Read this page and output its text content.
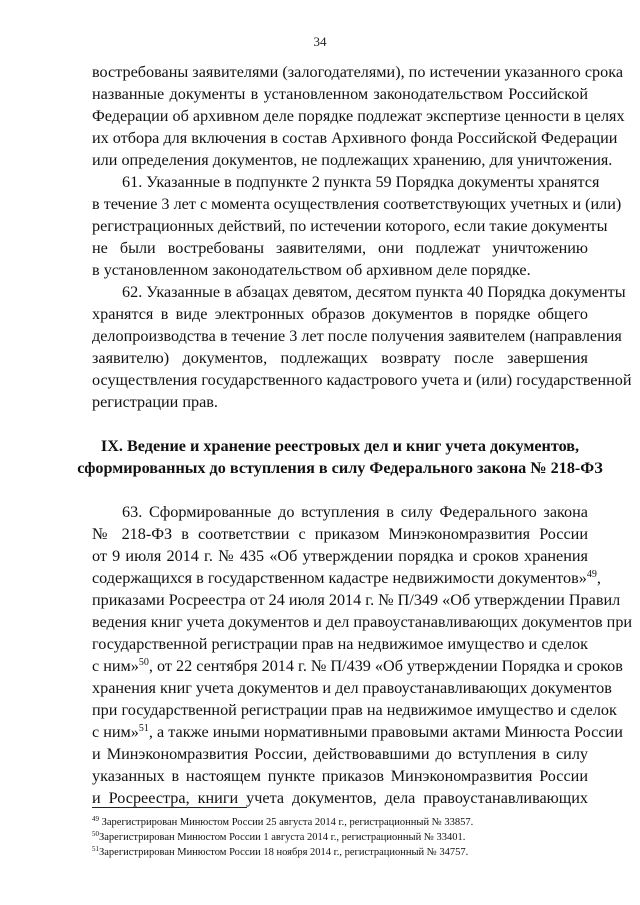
34
востребованы заявителями (залогодателями), по истечении указанного срока
названные документы в установленном законодательством Российской
Федерации об архивном деле порядке подлежат экспертизе ценности в целях
их отбора для включения в состав Архивного фонда Российской Федерации
или определения документов, не подлежащих хранению, для уничтожения.
61. Указанные в подпункте 2 пункта 59 Порядка документы хранятся
в течение 3 лет с момента осуществления соответствующих учетных и (или)
регистрационных действий, по истечении которого, если такие документы
не были востребованы заявителями, они подлежат уничтожению
в установленном законодательством об архивном деле порядке.
62. Указанные в абзацах девятом, десятом пункта 40 Порядка документы
хранятся в виде электронных образов документов в порядке общего
делопроизводства в течение 3 лет после получения заявителем (направления
заявителю) документов, подлежащих возврату после завершения
осуществления государственного кадастрового учета и (или) государственной
регистрации прав.
IX. Ведение и хранение реестровых дел и книг учета документов,
сформированных до вступления в силу Федерального закона № 218-ФЗ
63. Сформированные до вступления в силу Федерального закона
№ 218-ФЗ в соответствии с приказом Минэкономразвития России
от 9 июля 2014 г. № 435 «Об утверждении порядка и сроков хранения
содержащихся в государственном кадастре недвижимости документов»$^{49}$,
приказами Росреестра от 24 июля 2014 г. № П/349 «Об утверждении Правил
ведения книг учета документов и дел правоустанавливающих документов при
государственной регистрации прав на недвижимое имущество и сделок
с ним»$^{50}$, от 22 сентября 2014 г. № П/439 «Об утверждении Порядка и сроков
хранения книг учета документов и дел правоустанавливающих документов
при государственной регистрации прав на недвижимое имущество и сделок
с ним»$^{51}$, а также иными нормативными правовыми актами Минюста России
и Минэкономразвития России, действовавшими до вступления в силу
указанных в настоящем пункте приказов Минэкономразвития России
и Росреестра, книги учета документов, дела правоустанавливающих
$^{49}$ Зарегистрирован Минюстом России 25 августа 2014 г., регистрационный № 33857.
$^{50}$Зарегистрирован Минюстом России 1 августа 2014 г., регистрационный № 33401.
$^{51}$Зарегистрирован Минюстом России 18 ноября 2014 г., регистрационный № 34757.
